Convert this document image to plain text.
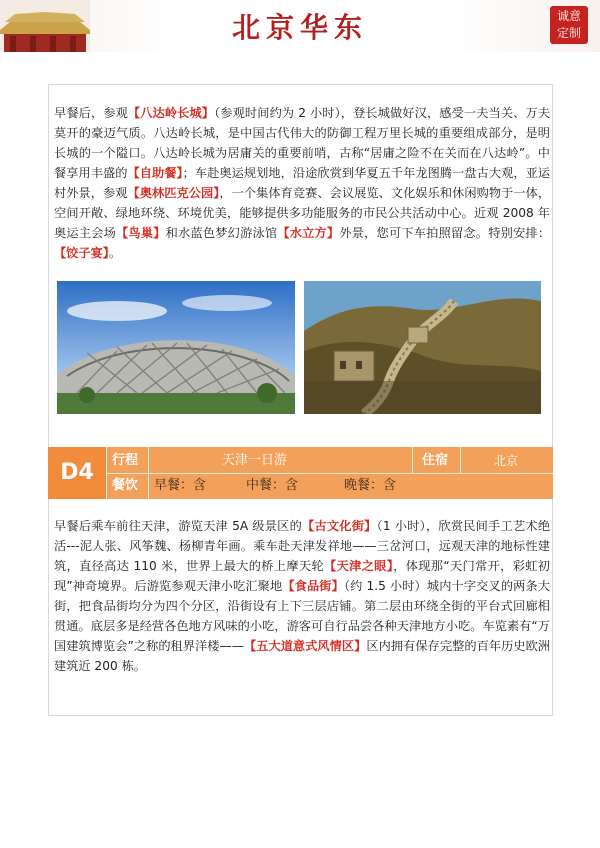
北京华东	诚意
定制
早餐后，参观【八达岭长城】（参观时间约为 2 小时），登长城做好汉，感受一夫当关、万夫莫开的豪迈气质。八达岭长城，是中国古代伟大的防御工程万里长城的重要组成部分，是明长城的一个隘口。八达岭长城为居庸关的重要前哨，古称“居庸之险不在关而在八达岭”。中餐享用丰盛的【自助餐】；车赴奥运规划地，沿途欣赏到华夏五千年龙图腾一盘古大观，亚运村外景，参观【奥林匹克公园】，一个集体育竞赛、会议展览、文化娱乐和休闲购物于一体，空间开敞、绿地环绕、环境优美，能够提供多功能服务的市民公共活动中心。近观 2008 年奥运主会场【鸟巢】和水蓝色梦幻游泳馆【水立方】外景，您可下车拍照留念。特别安排：【饺子宴】。
D4	行程	天津一日游	住宿	北京
餐饮 早餐：含	中餐：含	晚餐：含
早餐后乘车前往天津，游览天津 5A 级景区的【古文化街】（1 小时），欣赏民间手工艺术绝活---泥人张、风筝魏、杨柳青年画。乘车赴天津发祥地——三岔河口，远观天津的地标性建筑，直径高达 110 米，世界上最大的桥上摩天轮【天津之眼】，体现那“天门常开，彩虹初现”神奇境界。后游览参观天津小吃汇聚地【食品街】（约 1.5 小时）城内十字交叉的两条大街，把食品街均分为四个分区，沿街设有上下三层店铺。第二层由环绕全街的平台式回廊相贯通。底层多是经营各色地方风味的小吃，游客可自行品尝各种天津地方小吃。车览素有“万国建筑博览会”之称的租界洋楼——【五大道意式风情区】区内拥有保存完整的百年历史欧洲建筑近 200 栋。
